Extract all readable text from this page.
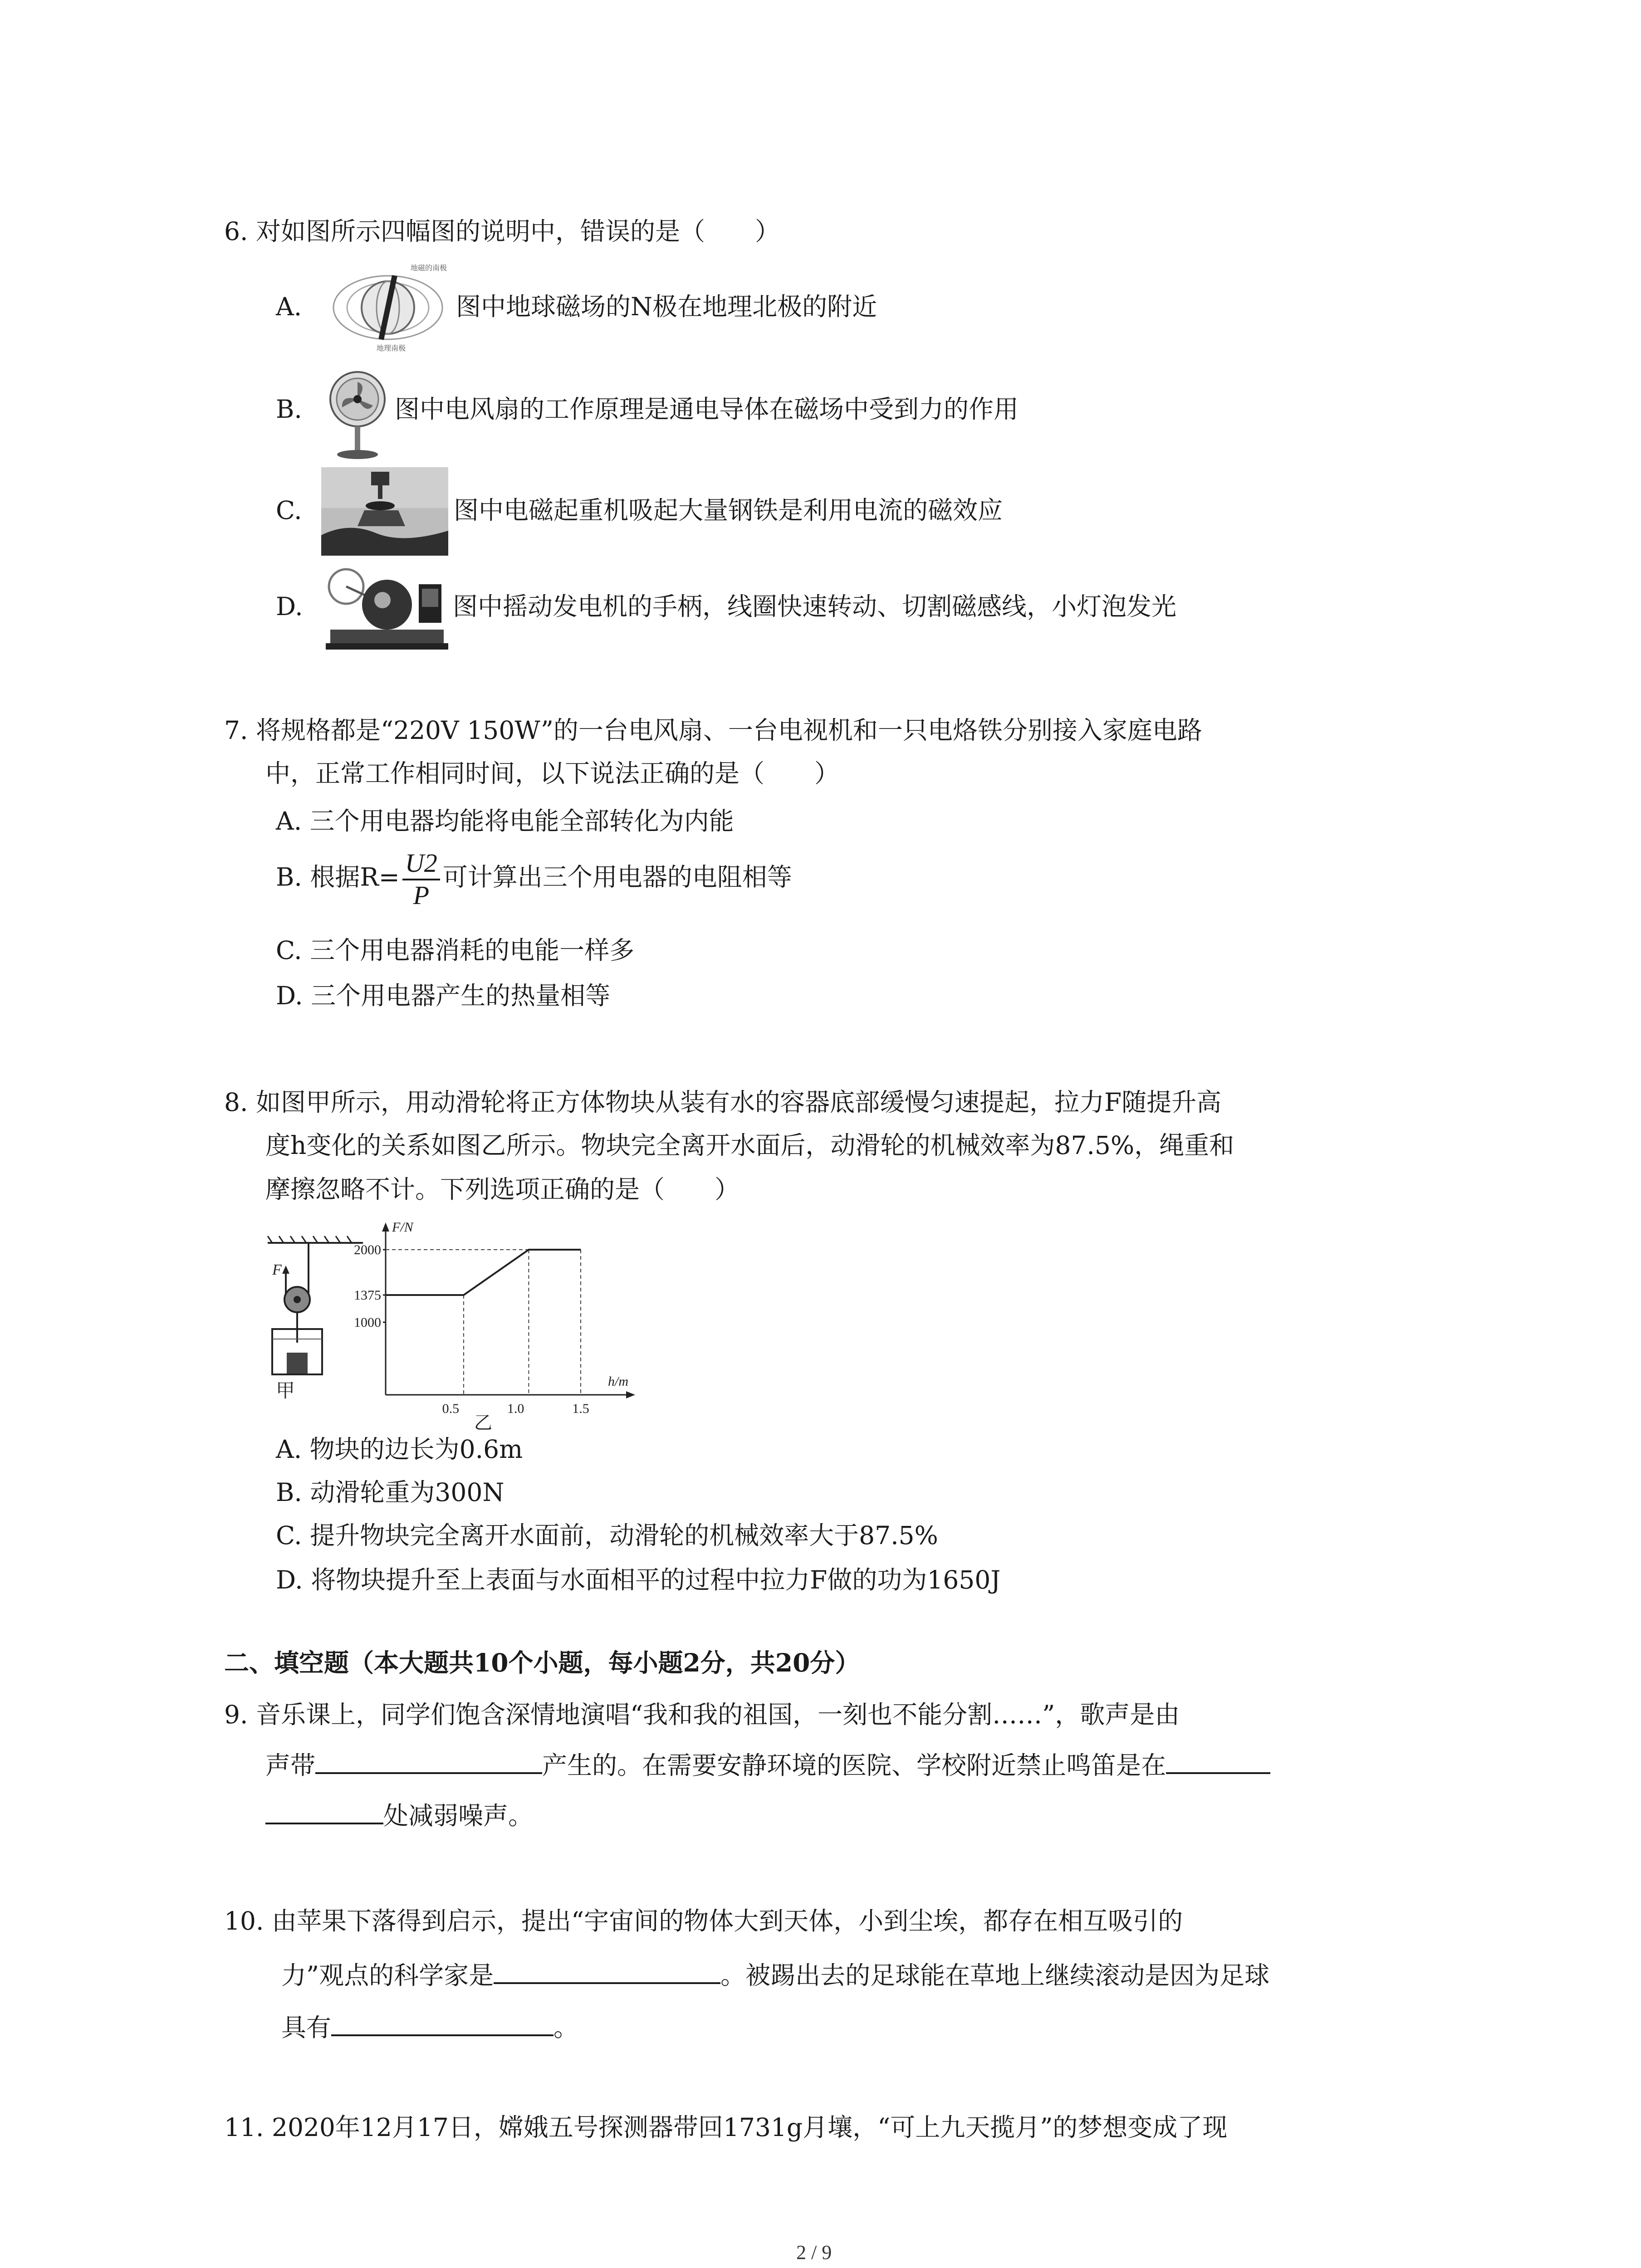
6. 对如图所示四幅图的说明中，错误的是（　　）
A.
地磁的南极
地理南极
图中地球磁场的N极在地理北极的附近
B.	图中电风扇的工作原理是通电导体在磁场中受到力的作用
C.	图中电磁起重机吸起大量钢铁是利用电流的磁效应
D.	图中摇动发电机的手柄，线圈快速转动、切割磁感线，小灯泡发光
7. 将规格都是“220V 150W”的一台电风扇、一台电视机和一只电烙铁分别接入家庭电路
中，正常工作相同时间，以下说法正确的是（　　）
A. 三个用电器均能将电能全部转化为内能
B. 根据$R= \frac{U2}{P}$ 可计算出三个用电器的电阻相等
C. 三个用电器消耗的电能一样多
D. 三个用电器产生的热量相等
8. 如图甲所示，用动滑轮将正方体物块从装有水的容器底部缓慢匀速提起，拉力F随提升高
度h变化的关系如图乙所示。物块完全离开水面后，动滑轮的机械效率为87.5%，绳重和
摩擦忽略不计。下列选项正确的是（　　）
F
甲
F/N
h/m
1000
1375
2000
0.5	1.0	1.5
乙
A. 物块的边长为0.6m
B. 动滑轮重为300N
C. 提升物块完全离开水面前，动滑轮的机械效率大于87.5%
D. 将物块提升至上表面与水面相平的过程中拉力F做的功为1650J
二、填空题（本大题共10个小题，每小题2分，共20分）
9. 音乐课上，同学们饱含深情地演唱“我和我的祖国，一刻也不能分割……”，歌声是由
声带	产生的。在需要安静环境的医院、学校附近禁止鸣笛是在
处减弱噪声。
10. 由苹果下落得到启示，提出“宇宙间的物体大到天体，小到尘埃，都存在相互吸引的
力”观点的科学家是	。被踢出去的足球能在草地上继续滚动是因为足球
具有	。
11. 2020年12月17日，嫦娥五号探测器带回1731g月壤，“可上九天揽月”的梦想变成了现
2 / 9
